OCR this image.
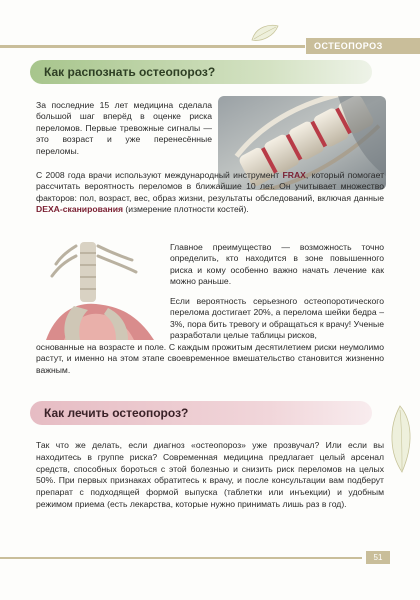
ОСТЕОПОРОЗ
Как распознать остеопороз?

За последние 15 лет медицина сделала большой шаг вперёд в оценке риска переломов. Первые тревожные сигналы — это возраст и уже перенесённые переломы.

С 2008 года врачи используют международный инструмент FRAX, который помогает рассчитать вероятность переломов в ближайшие 10 лет. Он учитывает множество факторов: пол, возраст, вес, образ жизни, результаты обследований, включая данные DEXA-сканирования (измерение плотности костей).

Главное преимущество — возможность точно определить, кто находится в зоне повышенного риска и кому особенно важно начать лечение как можно раньше.

Если вероятность серьезного остеопоротического перелома достигает 20%, а перелома шейки бедра – 3%, пора бить тревогу и обращаться к врачу! Ученые разработали целые таблицы рисков,

основанные на возрасте и поле. С каждым прожитым десятилетием риски неумолимо растут, и именно на этом этапе своевременное вмешательство становится жизненно важным.

Как лечить остеопороз?

Так что же делать, если диагноз «остеопороз» уже прозвучал? Или если вы находитесь в группе риска? Современная медицина предлагает целый арсенал средств, способных бороться с этой болезнью и снизить риск переломов на целых 50%. При первых признаках обратитесь к врачу, и после консультации вам подберут препарат с подходящей формой выпуска (таблетки или инъекции) и удобным режимом приема (есть лекарства, которые нужно принимать лишь раз в год).

51
